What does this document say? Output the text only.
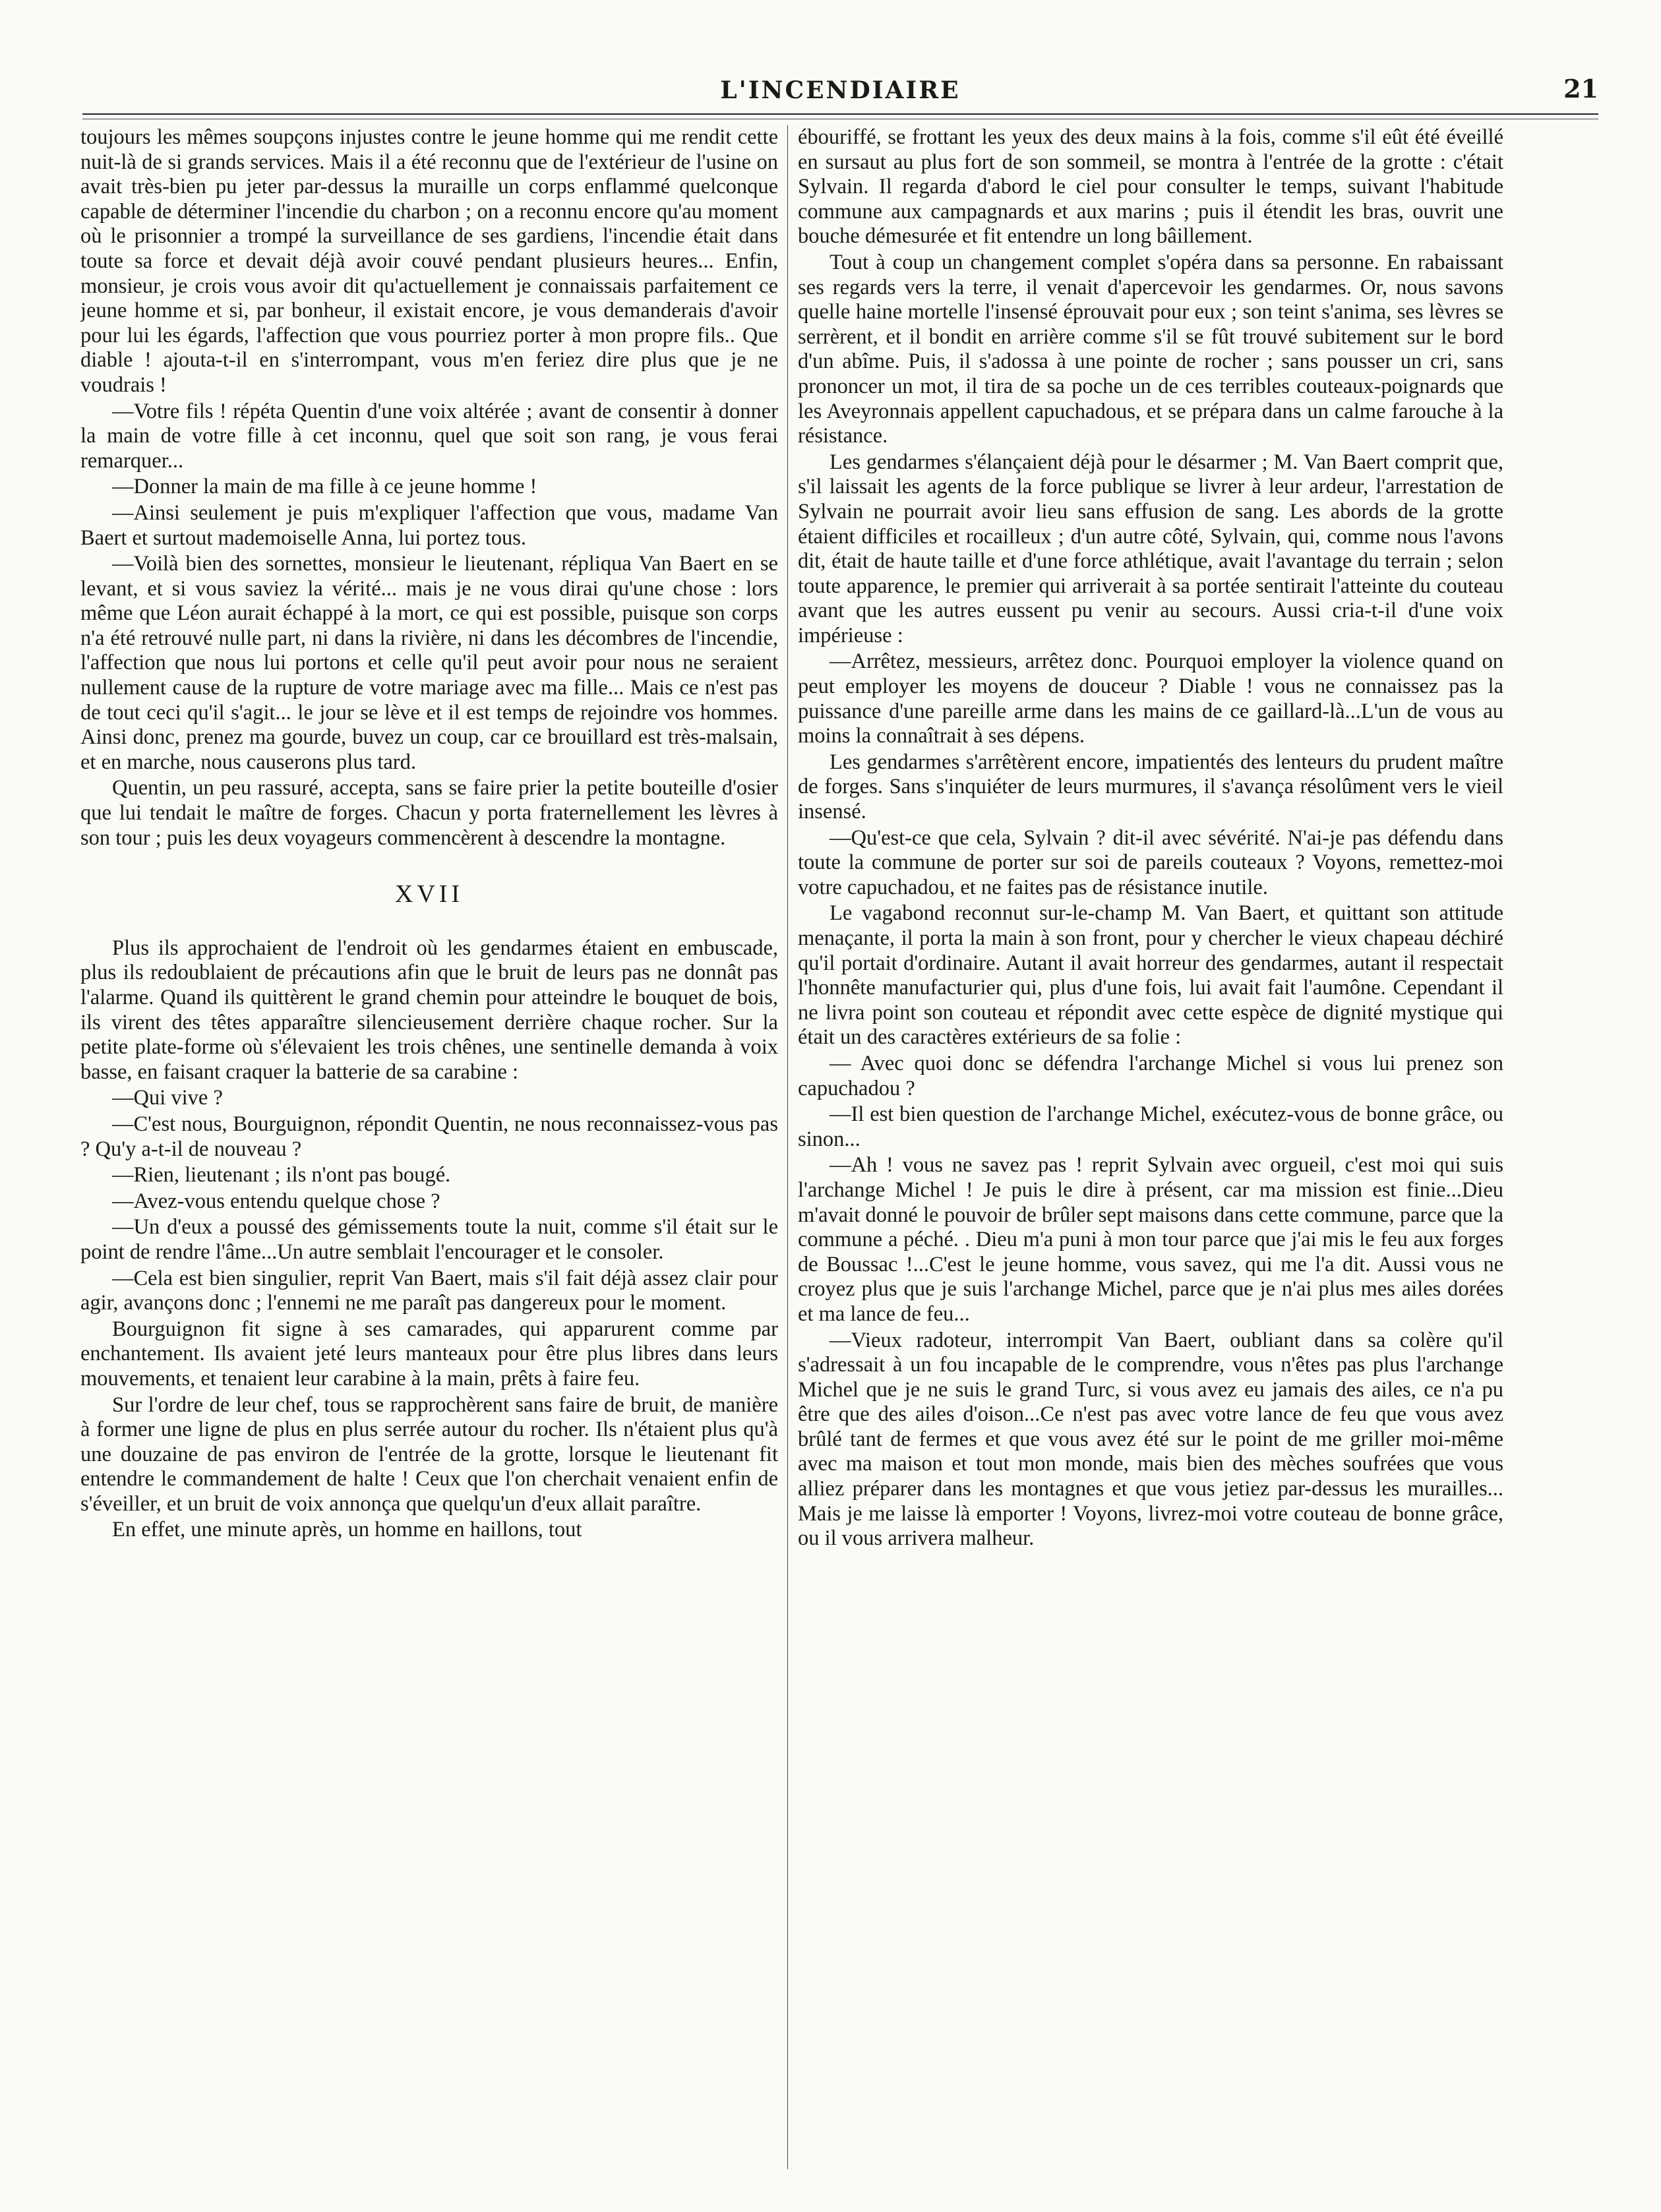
L'INCENDIAIRE	21

toujours les mêmes soupçons injustes contre le jeune homme qui me rendit cette nuit-là de si grands services. Mais il a été reconnu que de l'extérieur de l'usine on avait très-bien pu jeter par-dessus la muraille un corps enflammé quelconque capable de déterminer l'incendie du charbon ; on a reconnu encore qu'au moment où le prisonnier a trompé la surveillance de ses gardiens, l'incendie était dans toute sa force et devait déjà avoir couvé pendant plusieurs heures... Enfin, monsieur, je crois vous avoir dit qu'actuellement je connaissais parfaitement ce jeune homme et si, par bonheur, il existait encore, je vous demanderais d'avoir pour lui les égards, l'affection que vous pourriez porter à mon propre fils.. Que diable ! ajouta-t-il en s'interrompant, vous m'en feriez dire plus que je ne voudrais !

—Votre fils ! répéta Quentin d'une voix altérée ; avant de consentir à donner la main de votre fille à cet inconnu, quel que soit son rang, je vous ferai remarquer...

—Donner la main de ma fille à ce jeune homme !

—Ainsi seulement je puis m'expliquer l'affection que vous, madame Van Baert et surtout mademoiselle Anna, lui portez tous.

—Voilà bien des sornettes, monsieur le lieutenant, répliqua Van Baert en se levant, et si vous saviez la vérité... mais je ne vous dirai qu'une chose : lors même que Léon aurait échappé à la mort, ce qui est possible, puisque son corps n'a été retrouvé nulle part, ni dans la rivière, ni dans les décombres de l'incendie, l'affection que nous lui portons et celle qu'il peut avoir pour nous ne seraient nullement cause de la rupture de votre mariage avec ma fille... Mais ce n'est pas de tout ceci qu'il s'agit... le jour se lève et il est temps de rejoindre vos hommes. Ainsi donc, prenez ma gourde, buvez un coup, car ce brouillard est très-malsain, et en marche, nous causerons plus tard.

Quentin, un peu rassuré, accepta, sans se faire prier la petite bouteille d'osier que lui tendait le maître de forges. Chacun y porta fraternellement les lèvres à son tour ; puis les deux voyageurs commencèrent à descendre la montagne.

XVII

Plus ils approchaient de l'endroit où les gendarmes étaient en embuscade, plus ils redoublaient de précautions afin que le bruit de leurs pas ne donnât pas l'alarme. Quand ils quittèrent le grand chemin pour atteindre le bouquet de bois, ils virent des têtes apparaître silencieusement derrière chaque rocher. Sur la petite plate-forme où s'élevaient les trois chênes, une sentinelle demanda à voix basse, en faisant craquer la batterie de sa carabine :

—Qui vive ?

—C'est nous, Bourguignon, répondit Quentin, ne nous reconnaissez-vous pas ? Qu'y a-t-il de nouveau ?

—Rien, lieutenant ; ils n'ont pas bougé.

—Avez-vous entendu quelque chose ?

—Un d'eux a poussé des gémissements toute la nuit, comme s'il était sur le point de rendre l'âme...Un autre semblait l'encourager et le consoler.

—Cela est bien singulier, reprit Van Baert, mais s'il fait déjà assez clair pour agir, avançons donc ; l'ennemi ne me paraît pas dangereux pour le moment.

Bourguignon fit signe à ses camarades, qui apparurent comme par enchantement. Ils avaient jeté leurs manteaux pour être plus libres dans leurs mouvements, et tenaient leur carabine à la main, prêts à faire feu.

Sur l'ordre de leur chef, tous se rapprochèrent sans faire de bruit, de manière à former une ligne de plus en plus serrée autour du rocher. Ils n'étaient plus qu'à une douzaine de pas environ de l'entrée de la grotte, lorsque le lieutenant fit entendre le commandement de halte ! Ceux que l'on cherchait venaient enfin de s'éveiller, et un bruit de voix annonça que quelqu'un d'eux allait paraître.

En effet, une minute après, un homme en haillons, tout

ébouriffé, se frottant les yeux des deux mains à la fois, comme s'il eût été éveillé en sursaut au plus fort de son sommeil, se montra à l'entrée de la grotte : c'était Sylvain. Il regarda d'abord le ciel pour consulter le temps, suivant l'habitude commune aux campagnards et aux marins ; puis il étendit les bras, ouvrit une bouche démesurée et fit entendre un long bâillement.

Tout à coup un changement complet s'opéra dans sa personne. En rabaissant ses regards vers la terre, il venait d'apercevoir les gendarmes. Or, nous savons quelle haine mortelle l'insensé éprouvait pour eux ; son teint s'anima, ses lèvres se serrèrent, et il bondit en arrière comme s'il se fût trouvé subitement sur le bord d'un abîme. Puis, il s'adossa à une pointe de rocher ; sans pousser un cri, sans prononcer un mot, il tira de sa poche un de ces terribles couteaux-poignards que les Aveyronnais appellent capuchadous, et se prépara dans un calme farouche à la résistance.

Les gendarmes s'élançaient déjà pour le désarmer ; M. Van Baert comprit que, s'il laissait les agents de la force publique se livrer à leur ardeur, l'arrestation de Sylvain ne pourrait avoir lieu sans effusion de sang. Les abords de la grotte étaient difficiles et rocailleux ; d'un autre côté, Sylvain, qui, comme nous l'avons dit, était de haute taille et d'une force athlétique, avait l'avantage du terrain ; selon toute apparence, le premier qui arriverait à sa portée sentirait l'atteinte du couteau avant que les autres eussent pu venir au secours. Aussi cria-t-il d'une voix impérieuse :

—Arrêtez, messieurs, arrêtez donc. Pourquoi employer la violence quand on peut employer les moyens de douceur ? Diable ! vous ne connaissez pas la puissance d'une pareille arme dans les mains de ce gaillard-là...L'un de vous au moins la connaîtrait à ses dépens.

Les gendarmes s'arrêtèrent encore, impatientés des lenteurs du prudent maître de forges. Sans s'inquiéter de leurs murmures, il s'avança résolûment vers le vieil insensé.

—Qu'est-ce que cela, Sylvain ? dit-il avec sévérité. N'ai-je pas défendu dans toute la commune de porter sur soi de pareils couteaux ? Voyons, remettez-moi votre capuchadou, et ne faites pas de résistance inutile.

Le vagabond reconnut sur-le-champ M. Van Baert, et quittant son attitude menaçante, il porta la main à son front, pour y chercher le vieux chapeau déchiré qu'il portait d'ordinaire. Autant il avait horreur des gendarmes, autant il respectait l'honnête manufacturier qui, plus d'une fois, lui avait fait l'aumône. Cependant il ne livra point son couteau et répondit avec cette espèce de dignité mystique qui était un des caractères extérieurs de sa folie :

— Avec quoi donc se défendra l'archange Michel si vous lui prenez son capuchadou ?

—Il est bien question de l'archange Michel, exécutez-vous de bonne grâce, ou sinon...

—Ah ! vous ne savez pas ! reprit Sylvain avec orgueil, c'est moi qui suis l'archange Michel ! Je puis le dire à présent, car ma mission est finie...Dieu m'avait donné le pouvoir de brûler sept maisons dans cette commune, parce que la commune a péché. . Dieu m'a puni à mon tour parce que j'ai mis le feu aux forges de Boussac !...C'est le jeune homme, vous savez, qui me l'a dit. Aussi vous ne croyez plus que je suis l'archange Michel, parce que je n'ai plus mes ailes dorées et ma lance de feu...

—Vieux radoteur, interrompit Van Baert, oubliant dans sa colère qu'il s'adressait à un fou incapable de le comprendre, vous n'êtes pas plus l'archange Michel que je ne suis le grand Turc, si vous avez eu jamais des ailes, ce n'a pu être que des ailes d'oison...Ce n'est pas avec votre lance de feu que vous avez brûlé tant de fermes et que vous avez été sur le point de me griller moi-même avec ma maison et tout mon monde, mais bien des mèches soufrées que vous alliez préparer dans les montagnes et que vous jetiez par-dessus les murailles... Mais je me laisse là emporter ! Voyons, livrez-moi votre couteau de bonne grâce, ou il vous arrivera malheur.
